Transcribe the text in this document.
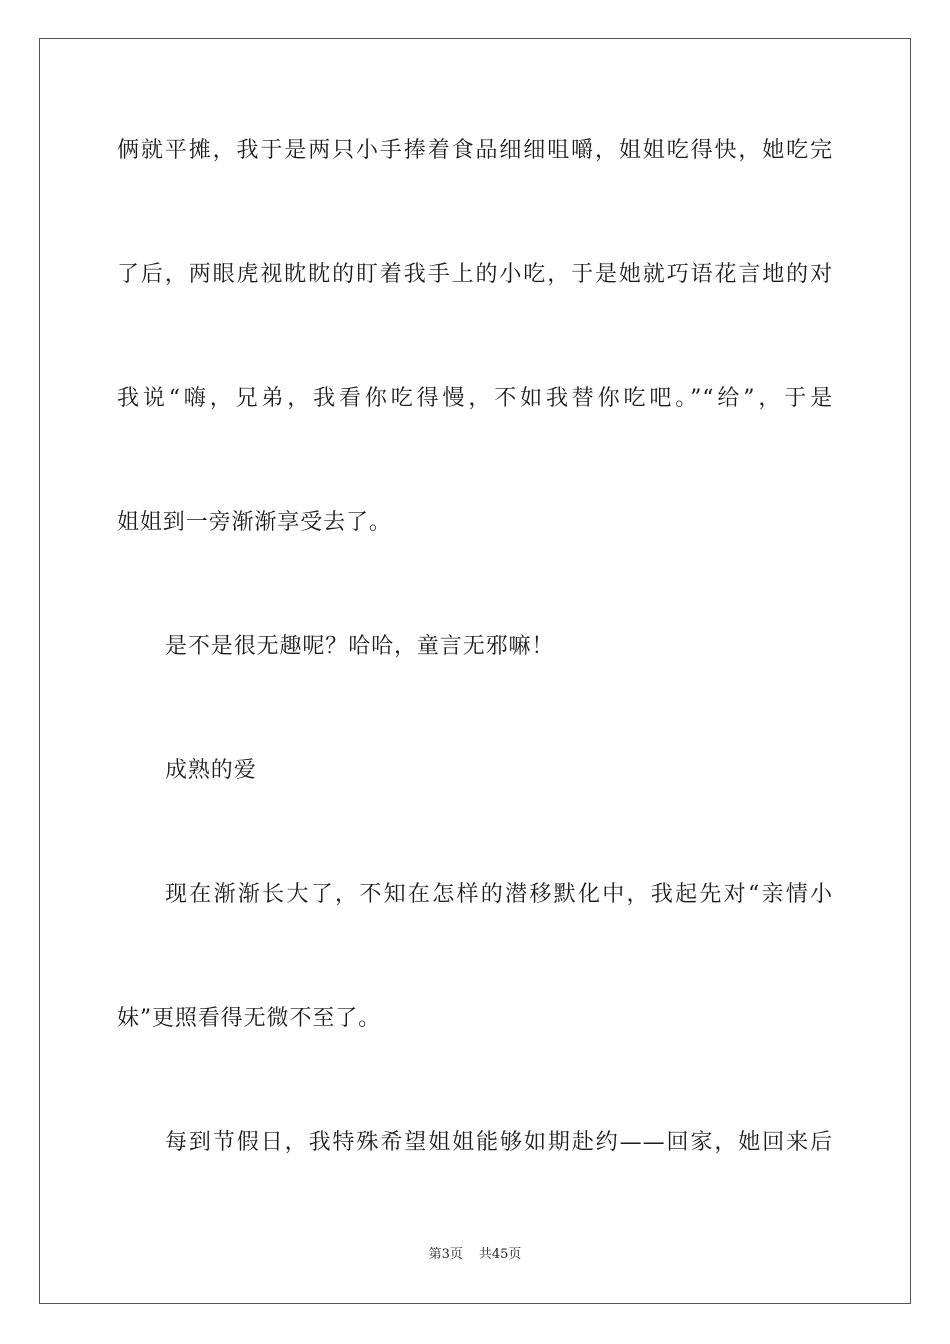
俩就平摊，我于是两只小手捧着食品细细咀嚼，姐姐吃得快，她吃完
了后，两眼虎视眈眈的盯着我手上的小吃，于是她就巧语花言地的对
我说“嗨，兄弟，我看你吃得慢，不如我替你吃吧。”“给”，于是
姐姐到一旁渐渐享受去了。
是不是很无趣呢？哈哈，童言无邪嘛！
成熟的爱
现在渐渐长大了，不知在怎样的潜移默化中，我起先对“亲情小
妹”更照看得无微不至了。
每到节假日，我特殊希望姐姐能够如期赴约——回家，她回来后
第3页 共45页
